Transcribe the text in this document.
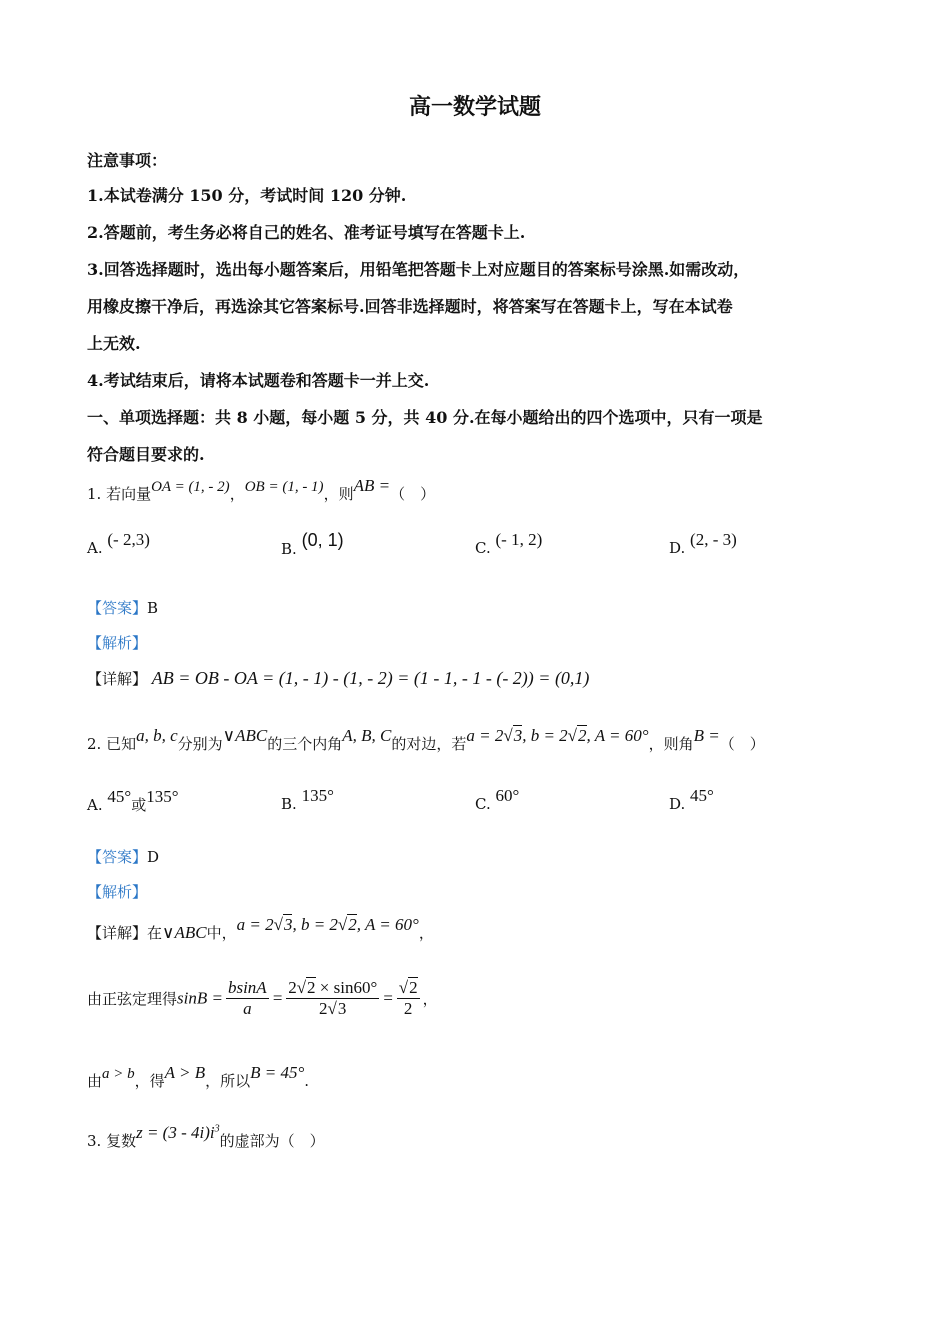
高一数学试题
注意事项：
1.本试卷满分 150 分，考试时间 120 分钟.
2.答题前，考生务必将自己的姓名、准考证号填写在答题卡上.
3.回答选择题时，选出每小题答案后，用铅笔把答题卡上对应题目的答案标号涂黑.如需改动，
用橡皮擦干净后，再选涂其它答案标号.回答非选择题时，将答案写在答题卡上，写在本试卷
上无效.
4.考试结束后，请将本试题卷和答题卡一并上交.
一、单项选择题：共 8 小题，每小题 5 分，共 40 分.在每小题给出的四个选项中，只有一项是
符合题目要求的.
1. 若向量OA = (1, - 2)，OB = (1, - 1)，则AB =（　）
A. (- 2,3)	B. (0, 1)	C. (- 1, 2)	D. (2, - 3)
【答案】B
【解析】
【详解】 AB = OB - OA = (1, - 1) - (1, - 2) = (1 - 1, - 1 - (- 2)) = (0,1)
2. 已知a, b, c分别为∨ABC的三个内角A, B, C的对边，若a = 2√3, b = 2√2, A = 60°，则角B =（　）
A. 45°或135°	B. 135°	C. 60°	D. 45°
【答案】D
【解析】
【详解】在∨ABC中，a = 2√3, b = 2√2, A = 60°，
由正弦定理得$\sin B = \frac{bsinA}{a} = \frac{2√2 \times \sin 60^\circ}{2√3} = \frac{√2}{2}$ ，
由a > b，得A > B，所以B = 45°.
3. 复数$z = (3 - 4i)i^3$的虚部为（　）
